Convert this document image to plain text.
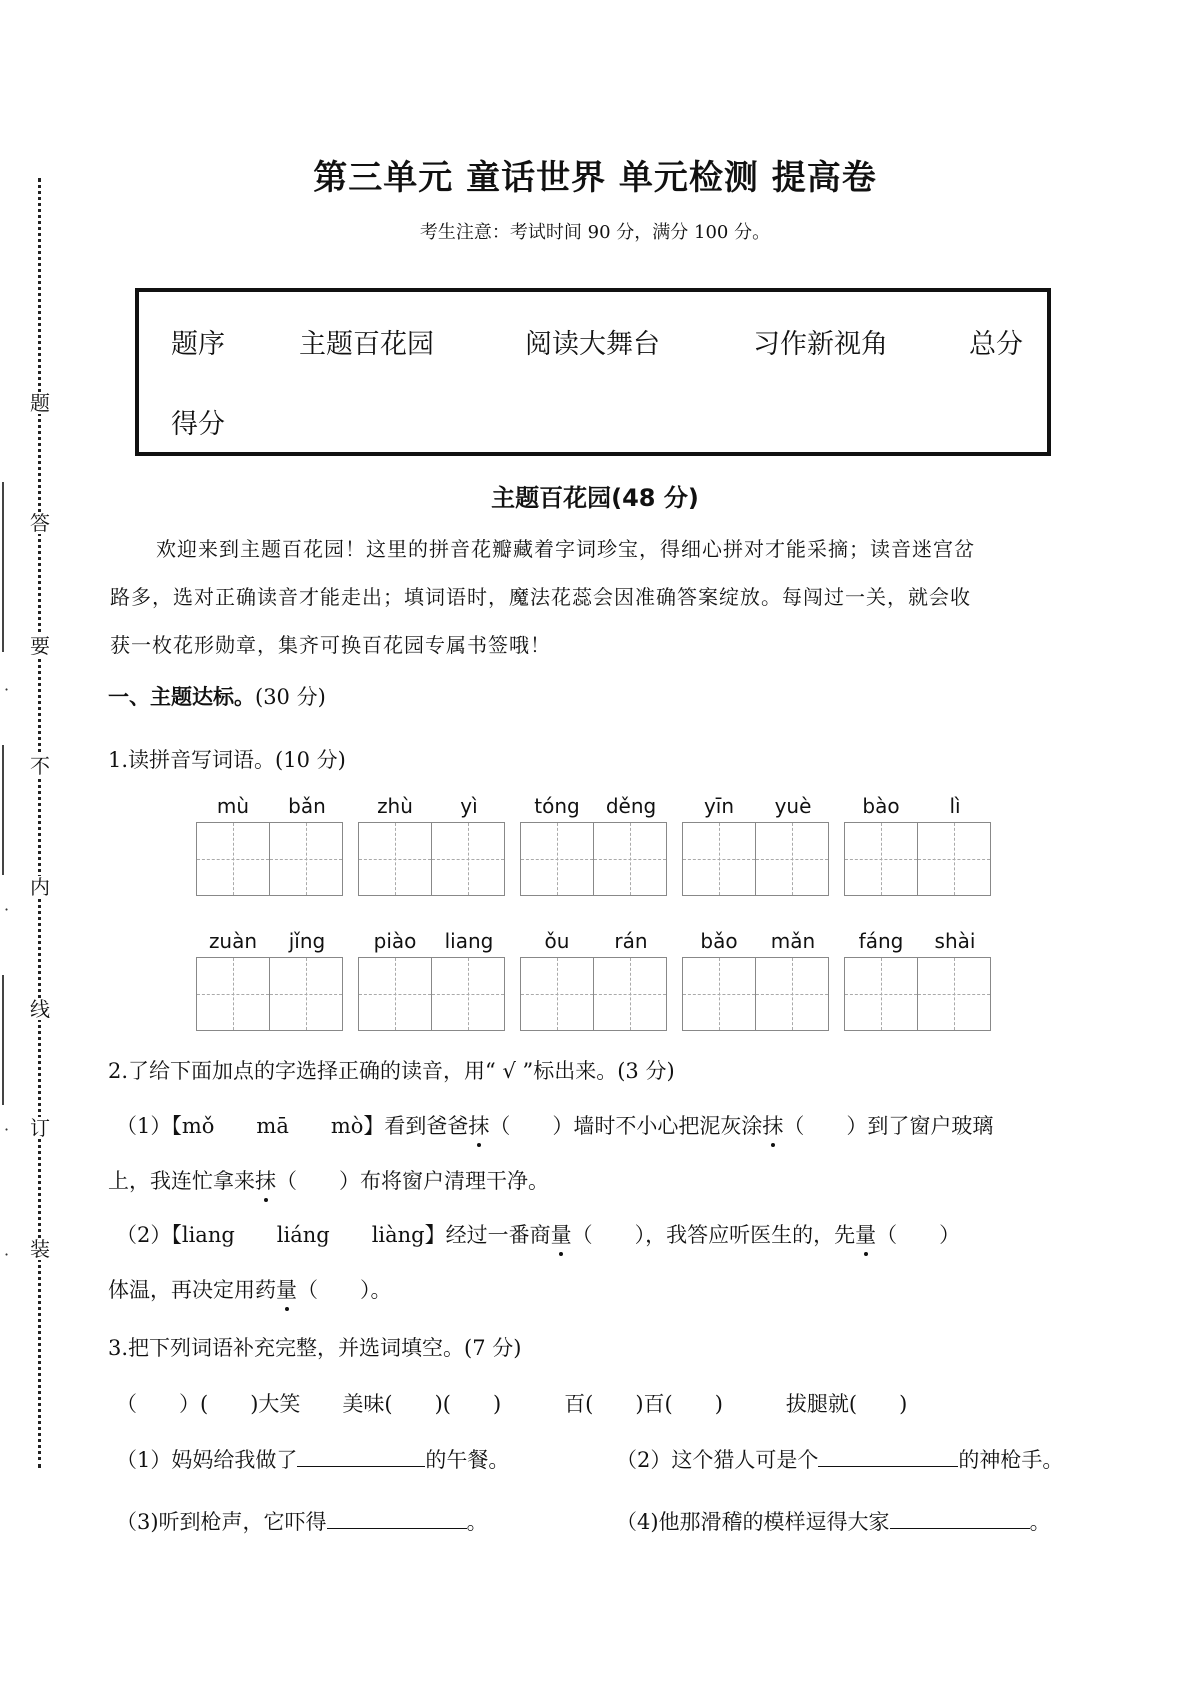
·
·
·
·
题
答
要
不
内
线
订
装
第三单元 童话世界 单元检测 提高卷
考生注意：考试时间 90 分，满分 100 分。
题序	主题百花园	阅读大舞台	习作新视角	总分
得分
主题百花园(48 分)
欢迎来到主题百花园！这里的拼音花瓣藏着字词珍宝，得细心拼对才能采摘；读音迷宫岔
路多，选对正确读音才能走出；填词语时，魔法花蕊会因准确答案绽放。每闯过一关，就会收
获一枚花形勋章，集齐可换百花园专属书签哦！
一、主题达标。(30 分)
1.读拼音写词语。(10 分)
mù	bǎn	zhù	yì	tóng	děng	yīn	yuè	bào	lì
zuàn	jǐng	piào	liang	ǒu	rán	bǎo	mǎn	fáng	shài
2.了给下面加点的字选择正确的读音，用“ √ ”标出来。(3 分)
（1）【mǒ　　mā　　mò】看到爸爸抹（　　）墙时不小心把泥灰涂抹（　　）到了窗户玻璃
上，我连忙拿来抹（　　）布将窗户清理干净。
（2）【liang　　liáng　　liàng】经过一番商量（　　），我答应听医生的，先量（　　）
体温，再决定用药量（　　）。
3.把下列词语补充完整，并选词填空。(7 分)
（　　）(　　)大笑　　美味(　　)(　　)　　　百(　　)百(　　)　　　拔腿就(　　)
（1）妈妈给我做了	的午餐。	（2）这个猎人可是个	的神枪手。
（3)听到枪声，它吓得	。	（4)他那滑稽的模样逗得大家	。
